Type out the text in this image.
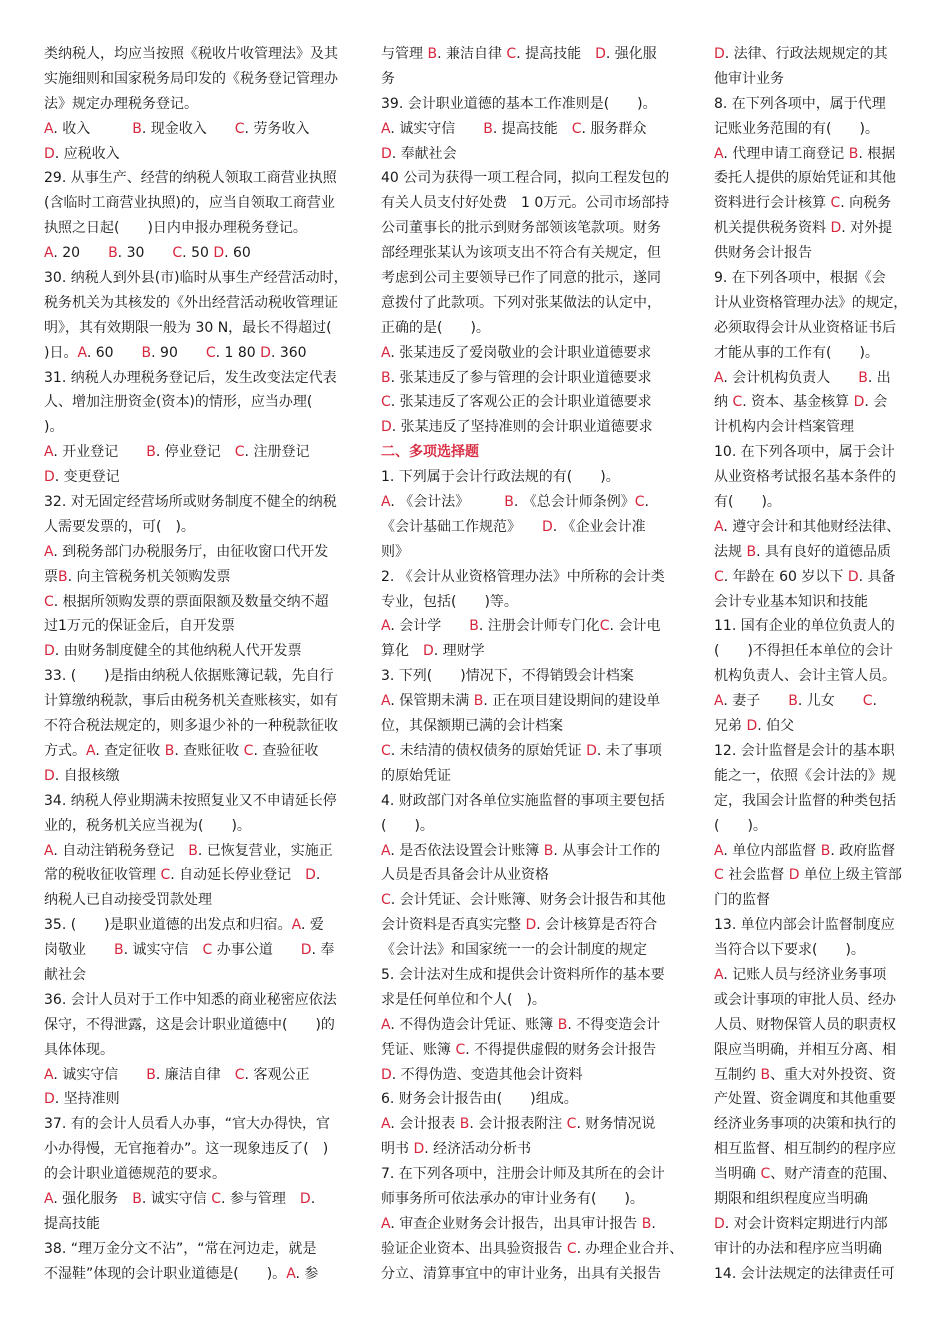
类纳税人，均应当按照《税收片收管理法》及其
实施细则和国家税务局印发的《税务登记管理办
法》规定办理税务登记。
A. 收入　　　B. 现金收入　　C. 劳务收入
D. 应税收入
29. 从事生产、经营的纳税人领取工商营业执照
(含临时工商营业执照)的，应当自领取工商营业
执照之日起(　　)日内申报办理税务登记。
A. 20　　B. 30　　C. 50 D. 60
30. 纳税人到外县(市)临时从事生产经营活动时，
税务机关为其核发的《外出经营活动税收管理证
明》，其有效期限一般为 30 N，最长不得超过(
)日。A. 60　　B. 90　　C. 1 80 D. 360
31. 纳税人办理税务登记后，发生改变法定代表
人、增加注册资金(资本)的情形，应当办理(
)。
A. 开业登记　　B. 停业登记　C. 注册登记
D. 变更登记
32. 对无固定经营场所或财务制度不健全的纳税
人需要发票的，可(　)。
A. 到税务部门办税服务厅，由征收窗口代开发
票B. 向主管税务机关领购发票
C. 根据所领购发票的票面限额及数量交纳不超
过1万元的保证金后，自开发票
D. 由财务制度健全的其他纳税人代开发票
33. (　　)是指由纳税人依据账簿记载，先自行
计算缴纳税款，事后由税务机关查账核实，如有
不符合税法规定的，则多退少补的一种税款征收
方式。A. 查定征收 B. 查账征收 C. 查验征收
D. 自报核缴
34. 纳税人停业期满未按照复业又不申请延长停
业的，税务机关应当视为(　　)。
A. 自动注销税务登记　B. 已恢复营业，实施正
常的税收征收管理 C. 自动延长停业登记　D.
纳税人已自动接受罚款处理
35. (　　)是职业道德的出发点和归宿。A. 爱
岗敬业　　B. 诚实守信　C 办事公道　　D. 奉
献社会
36. 会计人员对于工作中知悉的商业秘密应依法
保守，不得泄露，这是会计职业道德中(　　)的
具体体现。
A. 诚实守信　　B. 廉洁自律　C. 客观公正
D. 坚持准则
37. 有的会计人员看人办事，“官大办得快，官
小办得慢，无官拖着办”。这一现象违反了(　)
的会计职业道德规范的要求。
A. 强化服务　B. 诚实守信 C. 参与管理　D.
提高技能
38. “理万金分文不沾”，“常在河边走，就是
不湿鞋”体现的会计职业道德是(　　)。A. 参
与管理 B. 兼洁自律 C. 提高技能　D. 强化服
务
39. 会计职业道德的基本工作准则是(　　)。
A. 诚实守信　　B. 提高技能　C. 服务群众
D. 奉献社会
40 公司为获得一项工程合同，拟向工程发包的
有关人员支付好处费　1 0万元。公司市场部持
公司董事长的批示到财务部领该笔款项。财务
部经理张某认为该项支出不符合有关规定，但
考虑到公司主要领导已作了同意的批示，遂同
意拨付了此款项。下列对张某做法的认定中，
正确的是(　　)。
A. 张某违反了爱岗敬业的会计职业道德要求
B. 张某违反了参与管理的会计职业道德要求
C. 张某违反了客观公正的会计职业道德要求
D. 张某违反了坚持准则的会计职业道德要求
二、多项选择题
1. 下列属于会计行政法规的有(　　)。
A. 《会计法》　　　B. 《总会计师条例》C.
《会计基础工作规范》　　D. 《企业会计准
则》
2. 《会计从业资格管理办法》中所称的会计类
专业，包括(　　)等。
A. 会计学　　B. 注册会计师专门化C. 会计电
算化　D. 理财学
3. 下列(　　)情况下，不得销毁会计档案
A. 保管期未满 B. 正在项目建设期间的建设单
位，其保额期已满的会计档案
C. 未结清的债权债务的原始凭证 D. 未了事项
的原始凭证
4. 财政部门对各单位实施监督的事项主要包括
(　　)。
A. 是否依法设置会计账簿 B. 从事会计工作的
人员是否具备会计从业资格
C. 会计凭证、会计账簿、财务会计报告和其他
会计资料是否真实完整 D. 会计核算是否符合
《会计法》和国家统一一的会计制度的规定
5. 会计法对生成和提供会计资料所作的基本要
求是任何单位和个人(　)。
A. 不得伪造会计凭证、账簿 B. 不得变造会计
凭证、账簿 C. 不得提供虚假的财务会计报告
D. 不得伪造、变造其他会计资料
6. 财务会计报告由(　　)组成。
A. 会计报表 B. 会计报表附注 C. 财务情况说
明书 D. 经济活动分析书
7. 在下列各项中，注册会计师及其所在的会计
师事务所可依法承办的审计业务有(　　)。
A. 审查企业财务会计报告，出具审计报告 B.
验证企业资本、出具验资报告 C. 办理企业合并、
分立、清算事宜中的审计业务，出具有关报告
D. 法律、行政法规规定的其
他审计业务
8. 在下列各项中，属于代理
记账业务范围的有(　　)。
A. 代理申请工商登记 B. 根据
委托人提供的原始凭证和其他
资料进行会计核算 C. 向税务
机关提供税务资料 D. 对外提
供财务会计报告
9. 在下列各项中，根据《会
计从业资格管理办法》的规定，
必须取得会计从业资格证书后
才能从事的工作有(　　)。
A. 会计机构负责人　　B. 出
纳 C. 资本、基金核算 D. 会
计机构内会计档案管理
10. 在下列各项中，属于会计
从业资格考试报名基本条件的
有(　　)。
A. 遵守会计和其他财经法律、
法规 B. 具有良好的道德品质
C. 年龄在 60 岁以下 D. 具备
会计专业基本知识和技能
11. 国有企业的单位负责人的
(　　)不得担任本单位的会计
机构负责人、会计主管人员。
A. 妻子　　B. 儿女　　C.
兄弟 D. 伯父
12. 会计监督是会计的基本职
能之一，依照《会计法的》规
定，我国会计监督的种类包括
(　　)。
A. 单位内部监督 B. 政府监督
C 社会监督 D 单位上级主管部
门的监督
13. 单位内部会计监督制度应
当符合以下要求(　　)。
A. 记账人员与经济业务事项
或会计事项的审批人员、经办
人员、财物保管人员的职责权
限应当明确，并相互分离、相
互制约 B、重大对外投资、资
产处置、资金调度和其他重要
经济业务事项的决策和执行的
相互监督、相互制约的程序应
当明确 C、财产清查的范围、
期限和组织程度应当明确
D. 对会计资料定期进行内部
审计的办法和程序应当明确
14. 会计法规定的法律责任可
